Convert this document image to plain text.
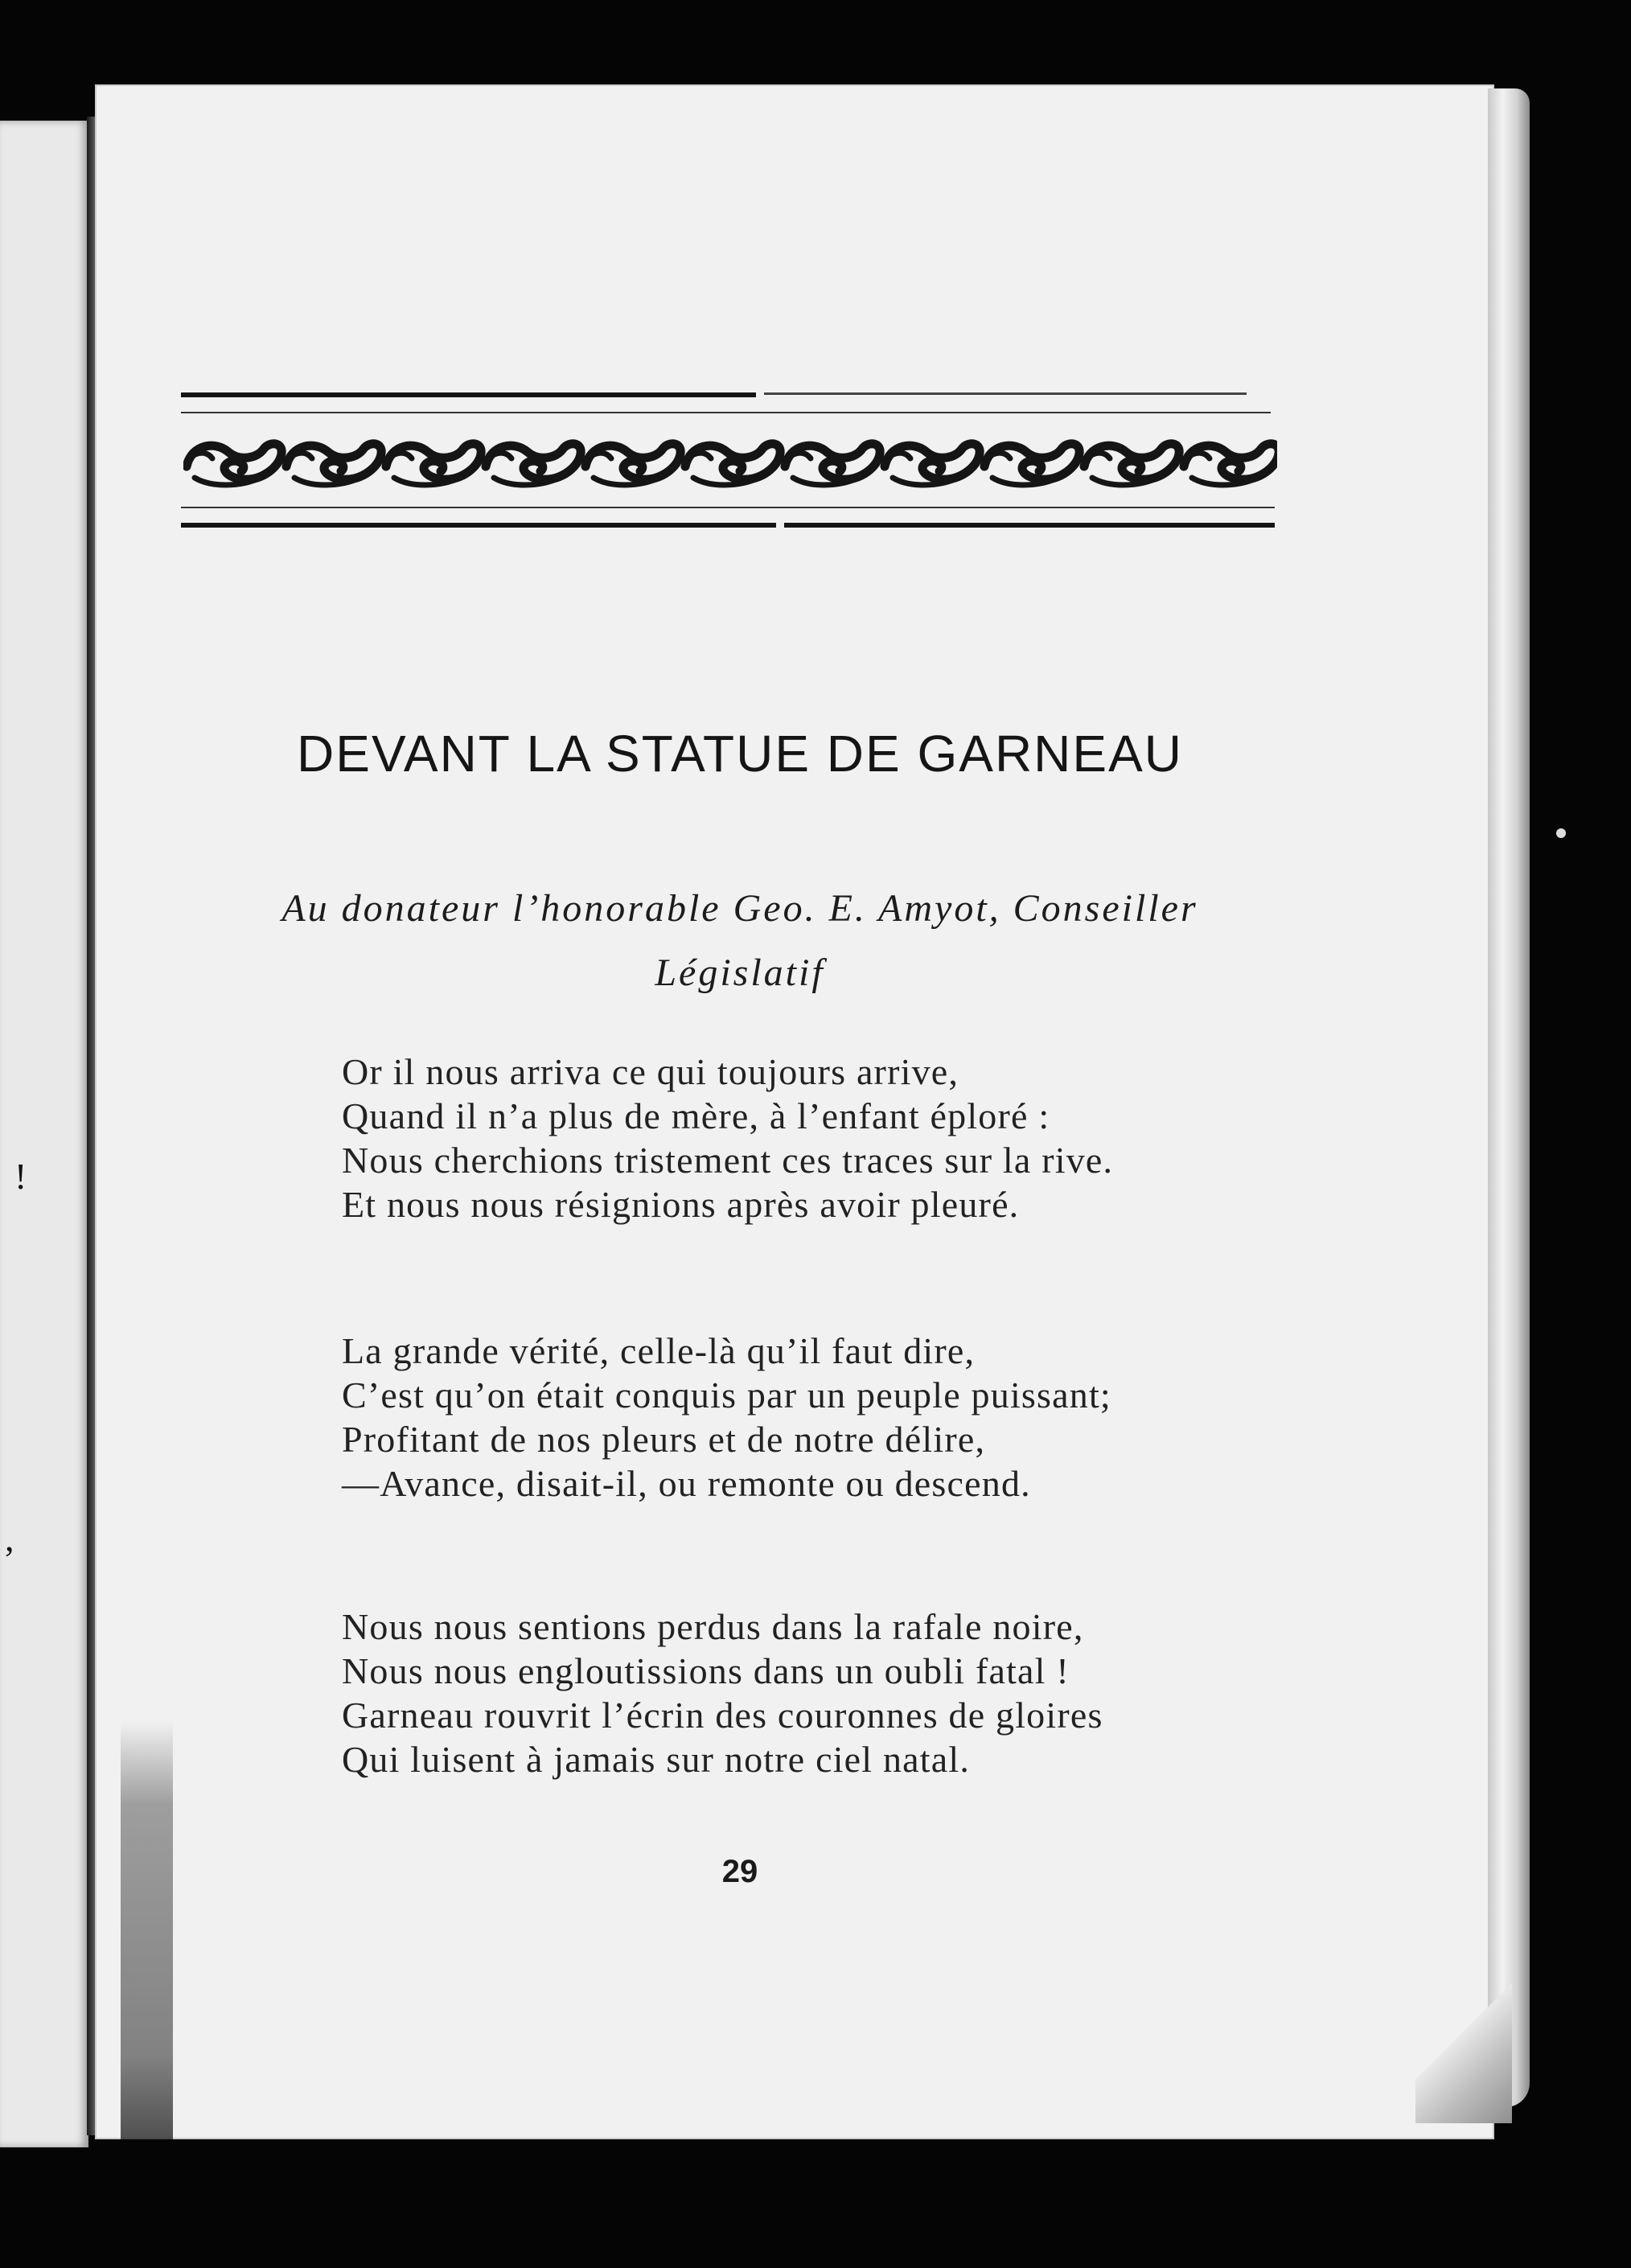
!
,
DEVANT LA STATUE DE GARNEAU
Au donateur l’honorable Geo. E. Amyot, Conseiller
Législatif
Or il nous arriva ce qui toujours arrive,
Quand il n’a plus de mère, à l’enfant éploré :
Nous cherchions tristement ces traces sur la rive.
Et nous nous résignions après avoir pleuré.
La grande vérité, celle-là qu’il faut dire,
C’est qu’on était conquis par un peuple puissant;
Profitant de nos pleurs et de notre délire,
—Avance, disait-il, ou remonte ou descend.
Nous nous sentions perdus dans la rafale noire,
Nous nous engloutissions dans un oubli fatal !
Garneau rouvrit l’écrin des couronnes de gloires
Qui luisent à jamais sur notre ciel natal.
29
